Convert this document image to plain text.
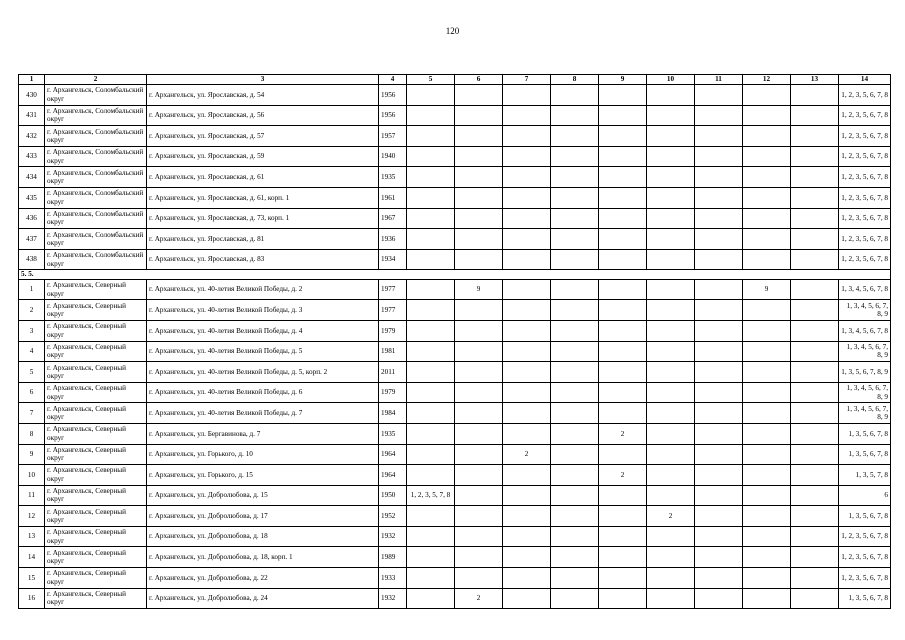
120
1	2	3	4	5	6	7	8	9	10	11	12	13	14
430	г. Архангельск, Соломбальский округ	г. Архангельск, ул. Ярославская, д. 54	1956										1, 2, 3, 5, 6, 7, 8
431	г. Архангельск, Соломбальский округ	г. Архангельск, ул. Ярославская, д. 56	1956										1, 2, 3, 5, 6, 7, 8
432	г. Архангельск, Соломбальский округ	г. Архангельск, ул. Ярославская, д. 57	1957										1, 2, 3, 5, 6, 7, 8
433	г. Архангельск, Соломбальский округ	г. Архангельск, ул. Ярославская, д. 59	1940										1, 2, 3, 5, 6, 7, 8
434	г. Архангельск, Соломбальский округ	г. Архангельск, ул. Ярославская, д. 61	1935										1, 2, 3, 5, 6, 7, 8
435	г. Архангельск, Соломбальский округ	г. Архангельск, ул. Ярославская, д. 61, корп. 1	1961										1, 2, 3, 5, 6, 7, 8
436	г. Архангельск, Соломбальский округ	г. Архангельск, ул. Ярославская, д. 73, корп. 1	1967										1, 2, 3, 5, 6, 7, 8
437	г. Архангельск, Соломбальский округ	г. Архангельск, ул. Ярославская, д. 81	1936										1, 2, 3, 5, 6, 7, 8
438	г. Архангельск, Соломбальский округ	г. Архангельск, ул. Ярославская, д. 83	1934										1, 2, 3, 5, 6, 7, 8
5. 5.													
1	г. Архангельск, Северный округ	г. Архангельск, ул. 40-летия Великой Победы, д. 2	1977		9						9		1, 3, 4, 5, 6, 7, 8
2	г. Архангельск, Северный округ	г. Архангельск, ул. 40-летия Великой Победы, д. 3	1977										1, 3, 4, 5, 6, 7, 8, 9
3	г. Архангельск, Северный округ	г. Архангельск, ул. 40-летия Великой Победы, д. 4	1979										1, 3, 4, 5, 6, 7, 8
4	г. Архангельск, Северный округ	г. Архангельск, ул. 40-летия Великой Победы, д. 5	1981										1, 3, 4, 5, 6, 7, 8, 9
5	г. Архангельск, Северный округ	г. Архангельск, ул. 40-летия Великой Победы, д. 5, корп. 2	2011										1, 3, 5, 6, 7, 8, 9
6	г. Архангельск, Северный округ	г. Архангельск, ул. 40-летия Великой Победы, д. 6	1979										1, 3, 4, 5, 6, 7, 8, 9
7	г. Архангельск, Северный округ	г. Архангельск, ул. 40-летия Великой Победы, д. 7	1984										1, 3, 4, 5, 6, 7, 8, 9
8	г. Архангельск, Северный округ	г. Архангельск, ул. Бергавинова, д. 7	1935					2					1, 3, 5, 6, 7, 8
9	г. Архангельск, Северный округ	г. Архангельск, ул. Горького, д. 10	1964			2							1, 3, 5, 6, 7, 8
10	г. Архангельск, Северный округ	г. Архангельск, ул. Горького, д. 15	1964					2					1, 3, 5, 7, 8
11	г. Архангельск, Северный округ	г. Архангельск, ул. Добролюбова, д. 15	1950	1, 2, 3, 5, 7, 8									6
12	г. Архангельск, Северный округ	г. Архангельск, ул. Добролюбова, д. 17	1952						2				1, 3, 5, 6, 7, 8
13	г. Архангельск, Северный округ	г. Архангельск, ул. Добролюбова, д. 18	1932										1, 2, 3, 5, 6, 7, 8
14	г. Архангельск, Северный округ	г. Архангельск, ул. Добролюбова, д. 18, корп. 1	1989										1, 2, 3, 5, 6, 7, 8
15	г. Архангельск, Северный округ	г. Архангельск, ул. Добролюбова, д. 22	1933										1, 2, 3, 5, 6, 7, 8
16	г. Архангельск, Северный округ	г. Архангельск, ул. Добролюбова, д. 24	1932		2								1, 3, 5, 6, 7, 8
